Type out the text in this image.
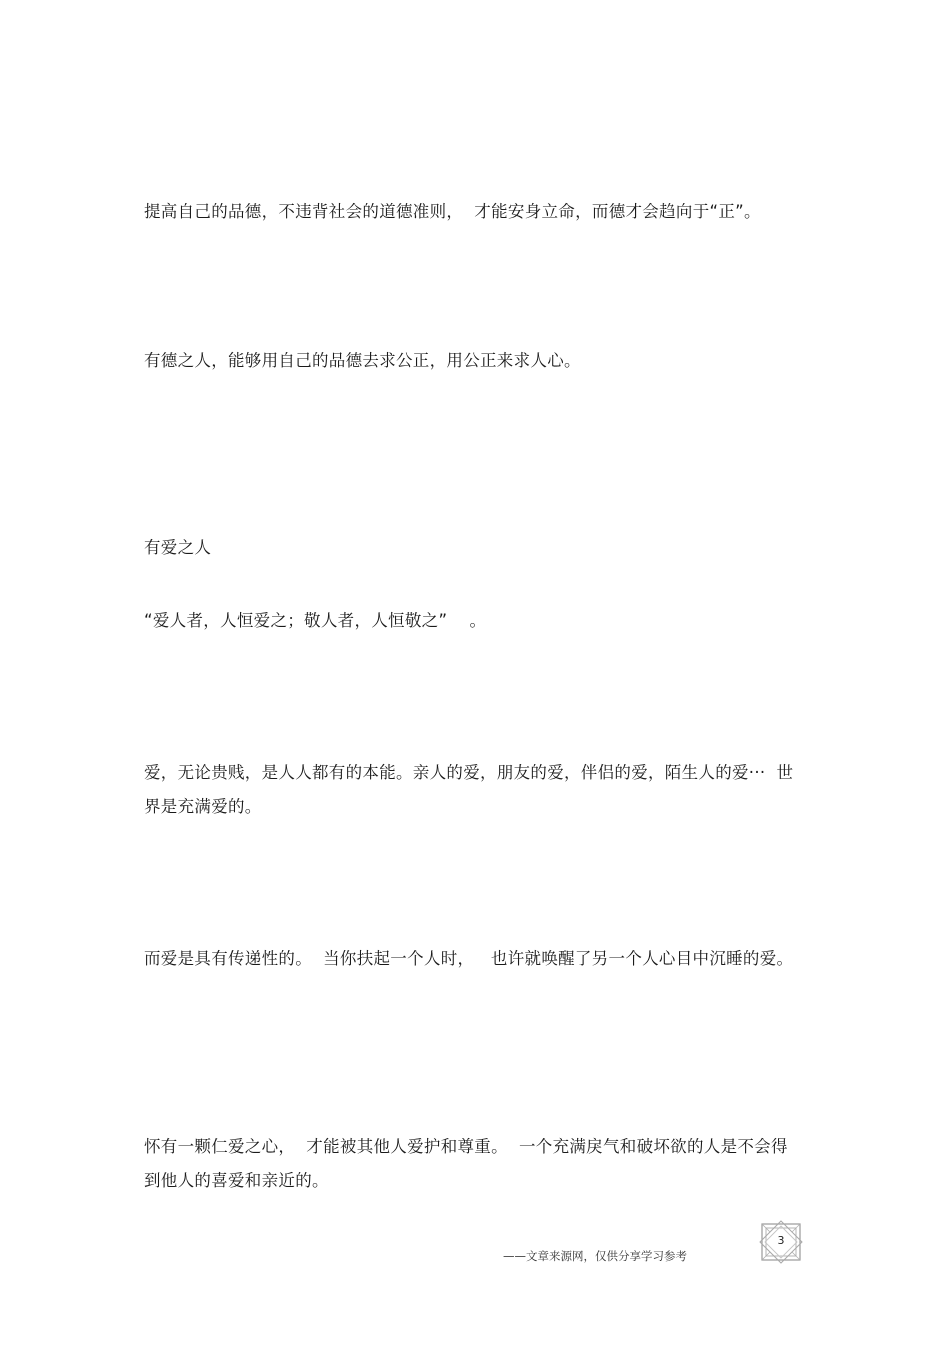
提高自己的品德，不违背社会的道德准则，  才能安身立命，而德才会趋向于“正”。

有德之人，能够用自己的品德去求公正，用公正来求人心。

有爱之人

“爱人者，人恒爱之；敬人者，人恒敬之”    。

爱，无论贵贱，是人人都有的本能。亲人的爱，朋友的爱，伴侣的爱，陌生人的爱···  世界是充满爱的。

而爱是具有传递性的。  当你扶起一个人时，   也许就唤醒了另一个人心目中沉睡的爱。

怀有一颗仁爱之心，  才能被其他人爱护和尊重。  一个充满戾气和破坏欲的人是不会得到他人的喜爱和亲近的。

——文章来源网，仅供分享学习参考
3
